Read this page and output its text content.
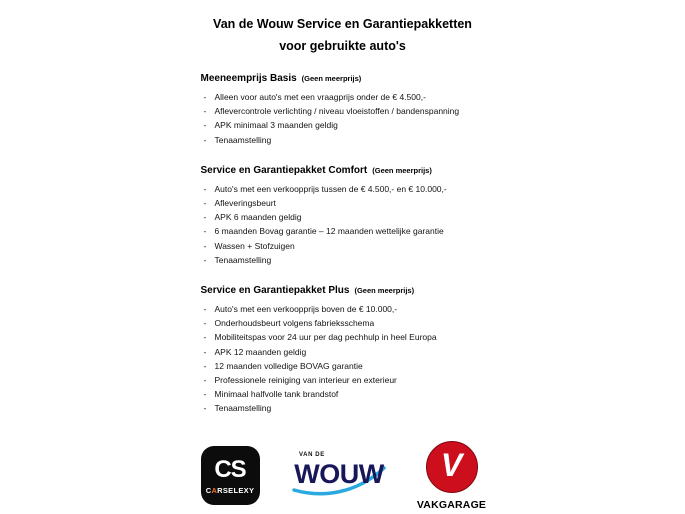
Van de Wouw Service en Garantiepakketten
voor gebruikte auto's
Meeneemprijs Basis (Geen meerprijs)
- Alleen voor auto's met een vraagprijs onder de € 4.500,-
- Aflevercontrole verlichting / niveau vloeistoffen / bandenspanning
- APK minimaal 3 maanden geldig
- Tenaamstelling
Service en Garantiepakket Comfort (Geen meerprijs)
- Auto's met een verkoopprijs tussen de € 4.500,- en € 10.000,-
- Afleveringsbeurt
- APK 6 maanden geldig
- 6 maanden Bovag garantie – 12 maanden wettelijke garantie
- Wassen + Stofzuigen
- Tenaamstelling
Service en Garantiepakket Plus (Geen meerprijs)
- Auto's met een verkoopprijs boven de € 10.000,-
- Onderhoudsbeurt volgens fabrieksschema
- Mobiliteitspas voor 24 uur per dag pechhulp in heel Europa
- APK 12 maanden geldig
- 12 maanden volledige BOVAG garantie
- Professionele reiniging van interieur en exterieur
- Minimaal halfvolle tank brandstof
- Tenaamstelling
CS
CARSELEXY
VAN DE
WOUW V
VAKGARAGE
